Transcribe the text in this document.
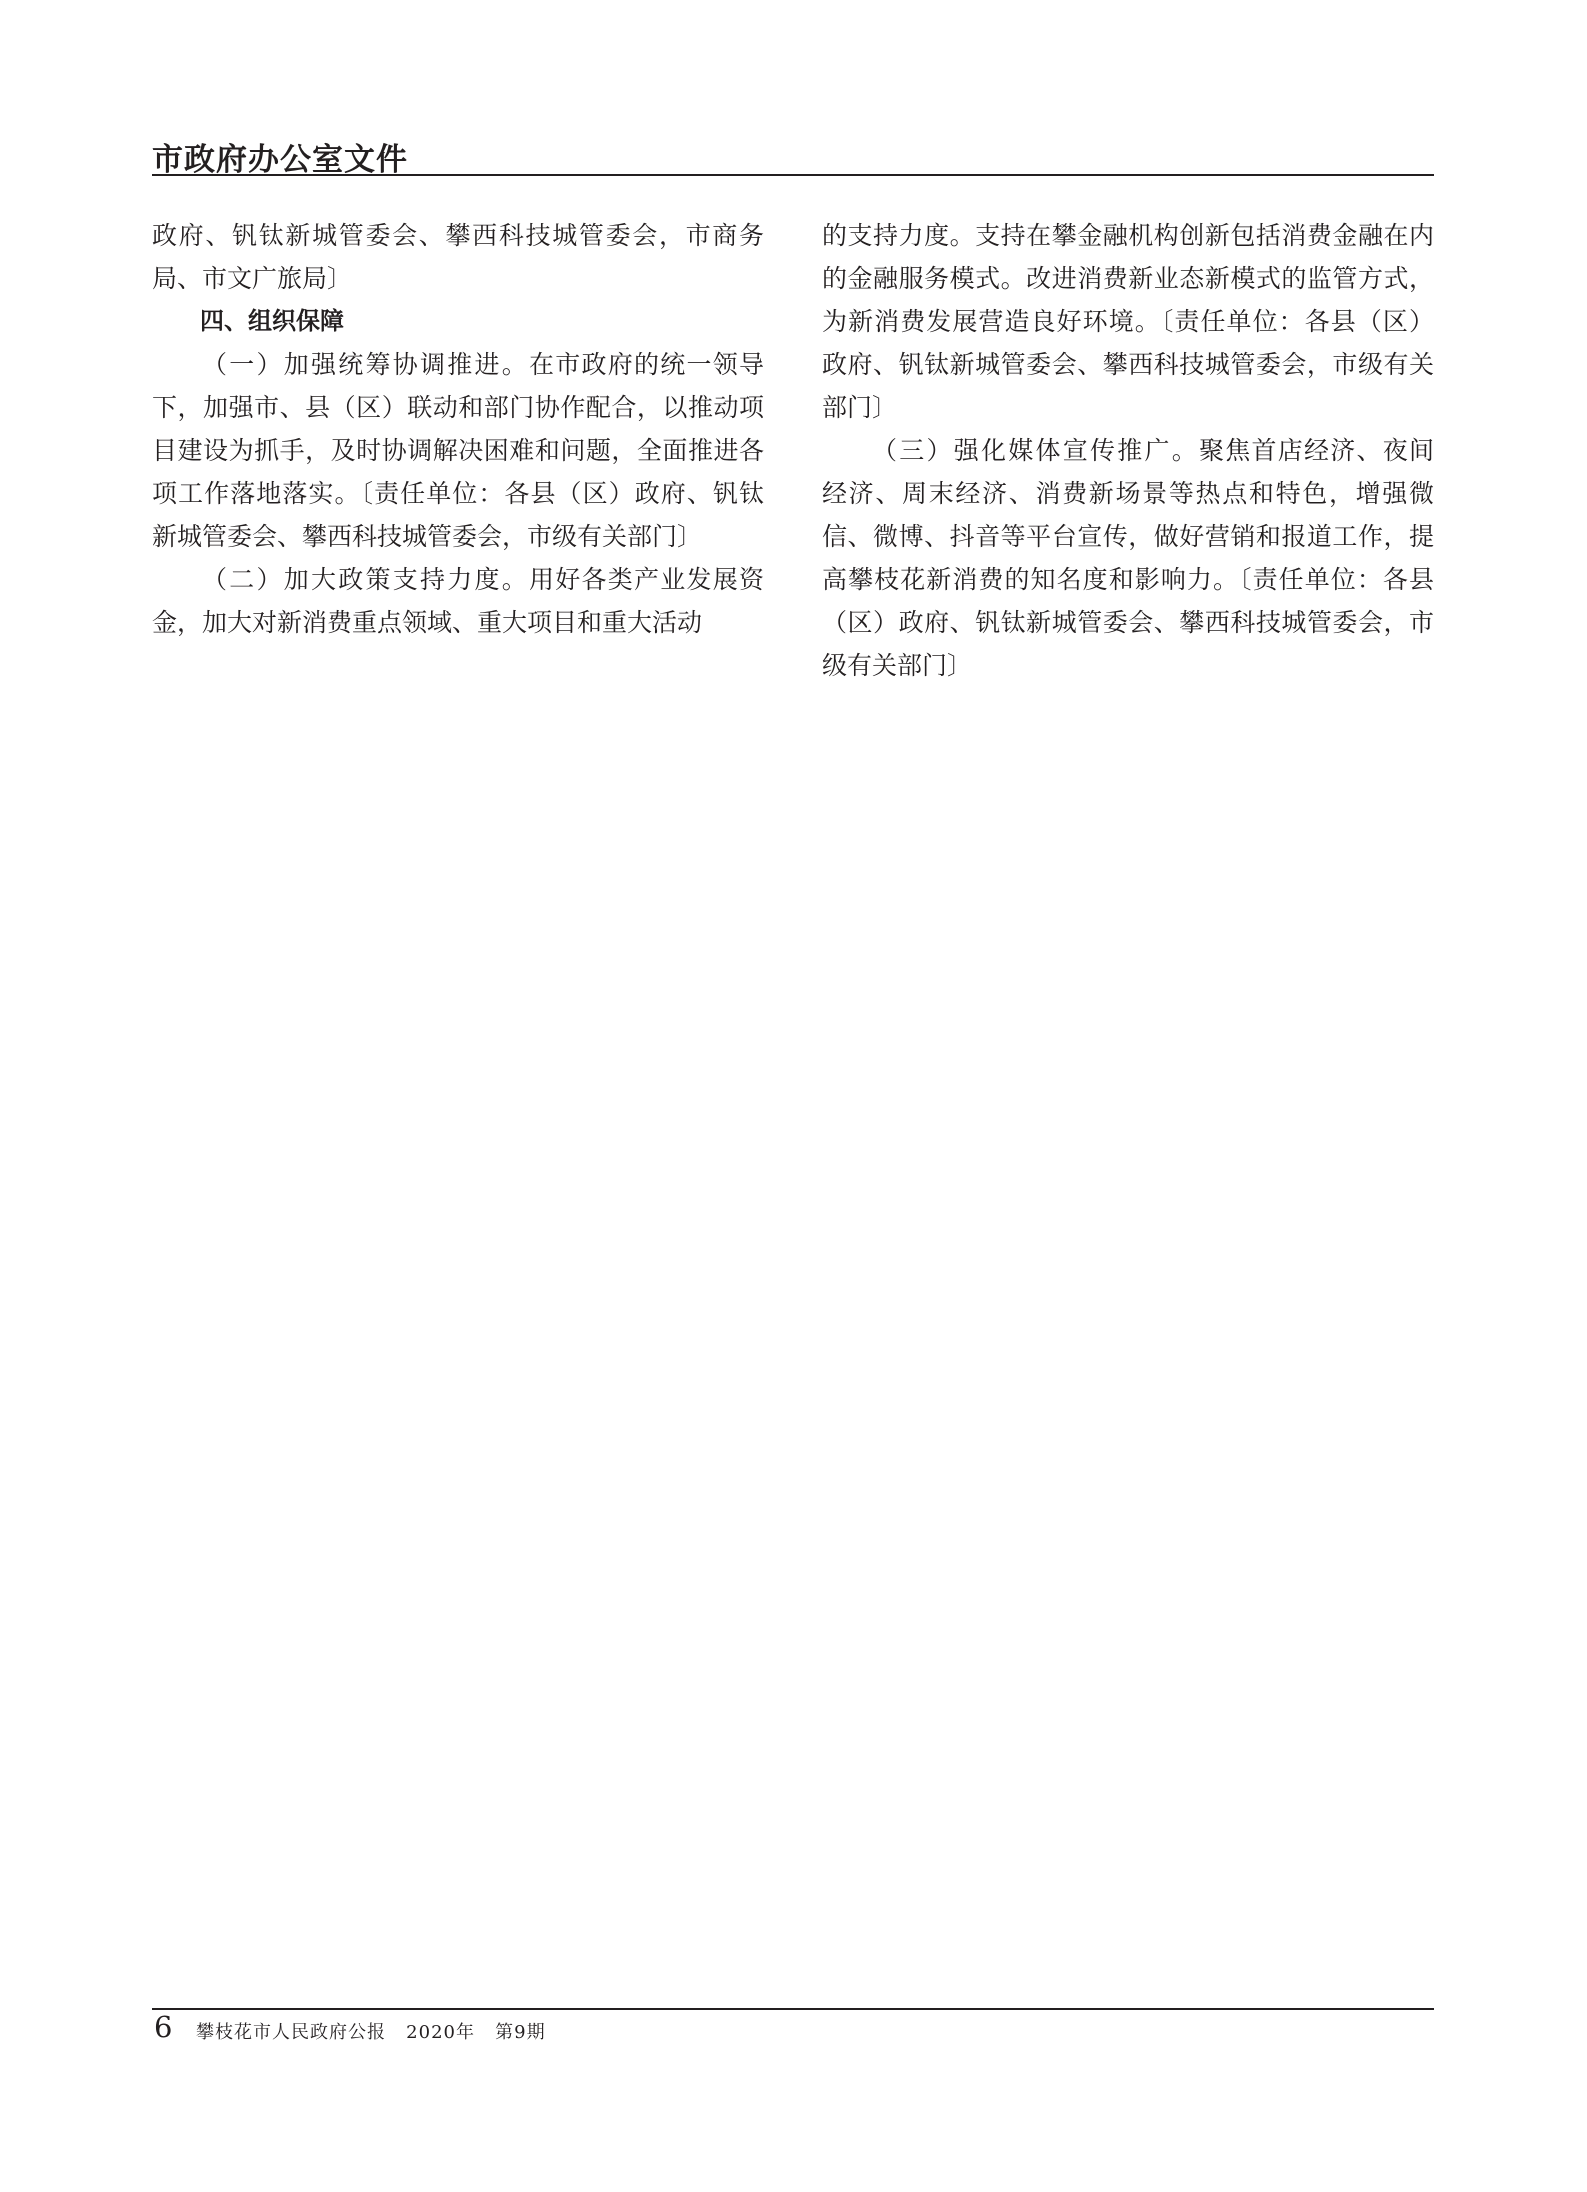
市政府办公室文件

政府、钒钛新城管委会、攀西科技城管委会，市商务局、市文广旅局〕

四、组织保障

（一）加强统筹协调推进。在市政府的统一领导下，加强市、县（区）联动和部门协作配合，以推动项目建设为抓手，及时协调解决困难和问题，全面推进各项工作落地落实。〔责任单位：各县（区）政府、钒钛新城管委会、攀西科技城管委会，市级有关部门〕

（二）加大政策支持力度。用好各类产业发展资金，加大对新消费重点领域、重大项目和重大活动

的支持力度。支持在攀金融机构创新包括消费金融在内的金融服务模式。改进消费新业态新模式的监管方式，为新消费发展营造良好环境。〔责任单位：各县（区）政府、钒钛新城管委会、攀西科技城管委会，市级有关部门〕

（三）强化媒体宣传推广。聚焦首店经济、夜间经济、周末经济、消费新场景等热点和特色，增强微信、微博、抖音等平台宣传，做好营销和报道工作，提高攀枝花新消费的知名度和影响力。〔责任单位：各县（区）政府、钒钛新城管委会、攀西科技城管委会，市级有关部门〕

6 攀枝花市人民政府公报   2020年   第9期
